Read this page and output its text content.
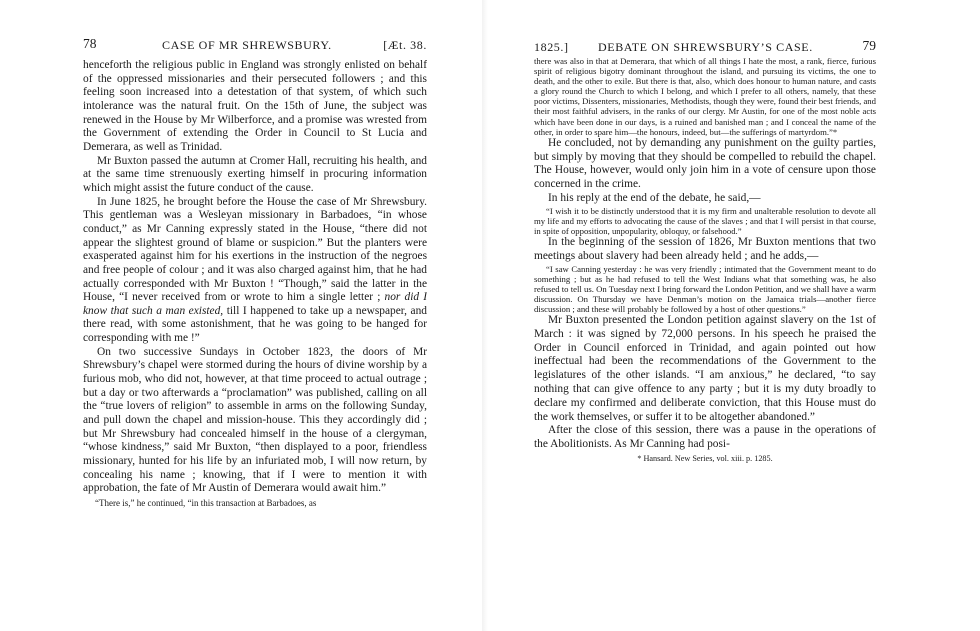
78	CASE OF MR SHREWSBURY.	[Æt. 38.

henceforth the religious public in England was strongly enlisted on behalf of the oppressed missionaries and their persecuted followers ; and this feeling soon increased into a detestation of that system, of which such intolerance was the natural fruit. On the 15th of June, the subject was renewed in the House by Mr Wilberforce, and a promise was wrested from the Government of extending the Order in Council to St Lucia and Demerara, as well as Trinidad.

Mr Buxton passed the autumn at Cromer Hall, recruiting his health, and at the same time strenuously exerting himself in procuring information which might assist the future conduct of the cause.

In June 1825, he brought before the House the case of Mr Shrewsbury. This gentleman was a Wesleyan missionary in Barbadoes, “in whose conduct,” as Mr Canning expressly stated in the House, “there did not appear the slightest ground of blame or suspicion.” But the planters were exasperated against him for his exertions in the instruction of the negroes and free people of colour ; and it was also charged against him, that he had actually corresponded with Mr Buxton ! “Though,” said the latter in the House, “I never received from or wrote to him a single letter ; nor did I know that such a man existed, till I happened to take up a newspaper, and there read, with some astonishment, that he was going to be hanged for corresponding with me !”

On two successive Sundays in October 1823, the doors of Mr Shrewsbury’s chapel were stormed during the hours of divine worship by a furious mob, who did not, however, at that time proceed to actual outrage ; but a day or two afterwards a “proclamation” was published, calling on all the “true lovers of religion” to assemble in arms on the following Sunday, and pull down the chapel and mission-house. This they accordingly did ; but Mr Shrewsbury had concealed himself in the house of a clergyman, “whose kindness,” said Mr Buxton, “then displayed to a poor, friendless missionary, hunted for his life by an infuriated mob, I will now return, by concealing his name ; knowing, that if I were to mention it with approbation, the fate of Mr Austin of Demerara would await him.”

“There is,” he continued, “in this transaction at Barbadoes, as

1825.] DEBATE ON SHREWSBURY’S CASE.	79

there was also in that at Demerara, that which of all things I hate the most, a rank, fierce, furious spirit of religious bigotry dominant throughout the island, and pursuing its victims, the one to death, and the other to exile. But there is that, also, which does honour to human nature, and casts a glory round the Church to which I belong, and which I prefer to all others, namely, that these poor victims, Dissenters, missionaries, Methodists, though they were, found their best friends, and their most faithful advisers, in the ranks of our clergy. Mr Austin, for one of the most noble acts which have been done in our days, is a ruined and banished man ; and I conceal the name of the other, in order to spare him—the honours, indeed, but—the sufferings of martyrdom.”*

He concluded, not by demanding any punishment on the guilty parties, but simply by moving that they should be compelled to rebuild the chapel. The House, however, would only join him in a vote of censure upon those concerned in the crime.

In his reply at the end of the debate, he said,—

“I wish it to be distinctly understood that it is my firm and unalterable resolution to devote all my life and my efforts to advocating the cause of the slaves ; and that I will persist in that course, in spite of opposition, unpopularity, obloquy, or falsehood.”

In the beginning of the session of 1826, Mr Buxton mentions that two meetings about slavery had been already held ; and he adds,—

“I saw Canning yesterday : he was very friendly ; intimated that the Government meant to do something ; but as he had refused to tell the West Indians what that something was, he also refused to tell us. On Tuesday next I bring forward the London Petition, and we shall have a warm discussion. On Thursday we have Denman’s motion on the Jamaica trials—another fierce discussion ; and these will probably be followed by a host of other questions.”

Mr Buxton presented the London petition against slavery on the 1st of March : it was signed by 72,000 persons. In his speech he praised the Order in Council enforced in Trinidad, and again pointed out how ineffectual had been the recommendations of the Government to the legislatures of the other islands. “I am anxious,” he declared, “to say nothing that can give offence to any party ; but it is my duty broadly to declare my confirmed and deliberate conviction, that this House must do the work themselves, or suffer it to be altogether abandoned.”

After the close of this session, there was a pause in the operations of the Abolitionists. As Mr Canning had posi-

* Hansard. New Series, vol. xiii. p. 1285.
